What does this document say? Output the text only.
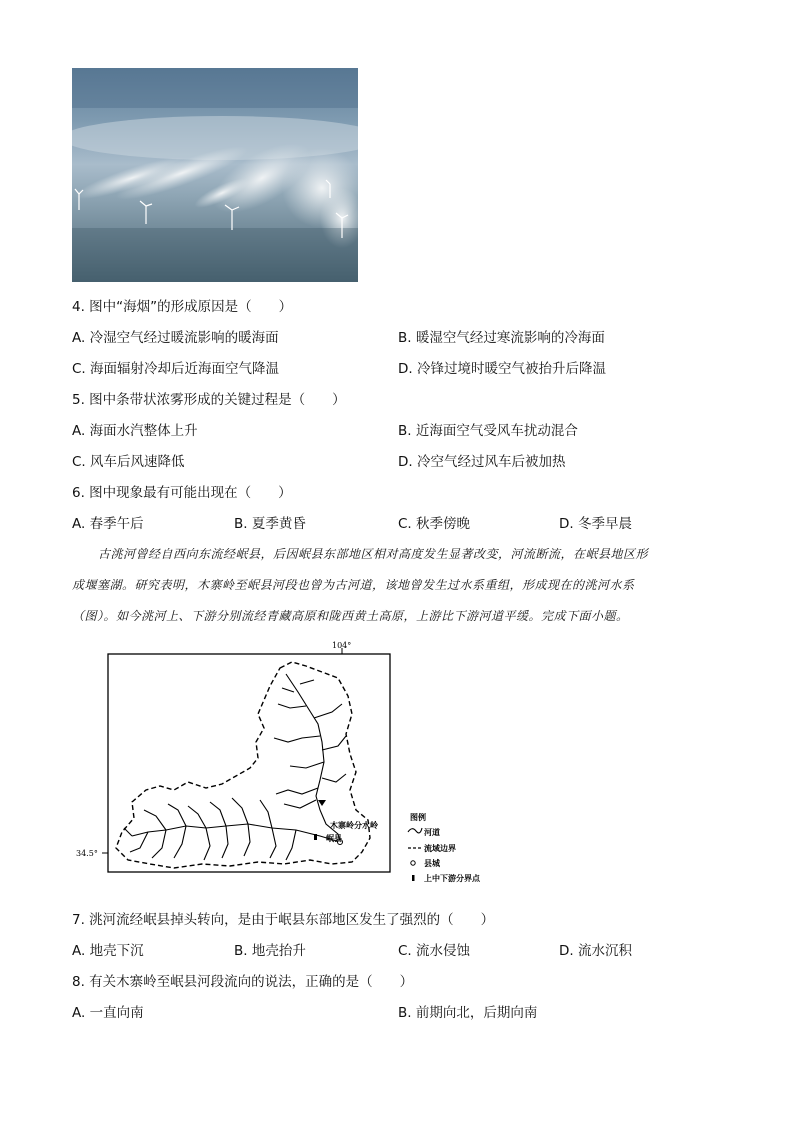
4. 图中“海烟”的形成原因是（　　）
A. 冷湿空气经过暖流影响的暖海面	B. 暖湿空气经过寒流影响的冷海面
C. 海面辐射冷却后近海面空气降温	D. 冷锋过境时暖空气被抬升后降温
5. 图中条带状浓雾形成的关键过程是（　　）
A. 海面水汽整体上升	B. 近海面空气受风车扰动混合
C. 风车后风速降低	D. 冷空气经过风车后被加热
6. 图中现象最有可能出现在（　　）
A. 春季午后	B. 夏季黄昏	C. 秋季傍晚	D. 冬季早晨

古洮河曾经自西向东流经岷县，后因岷县东部地区相对高度发生显著改变，河流断流，在岷县地区形

成堰塞湖。研究表明，木寨岭至岷县河段也曾为古河道，该地曾发生过水系重组，形成现在的洮河水系

（图）。如今洮河上、下游分别流经青藏高原和陇西黄土高原，上游比下游河道平缓。完成下面小题。

104°
34.5°
木寨岭分水岭
岷县
图例
河道
流域边界
县城
上中下游分界点
7. 洮河流经岷县掉头转向，是由于岷县东部地区发生了强烈的（　　）
A. 地壳下沉	B. 地壳抬升	C. 流水侵蚀	D. 流水沉积
8. 有关木寨岭至岷县河段流向的说法，正确的是（　　）
A. 一直向南	B. 前期向北，后期向南
